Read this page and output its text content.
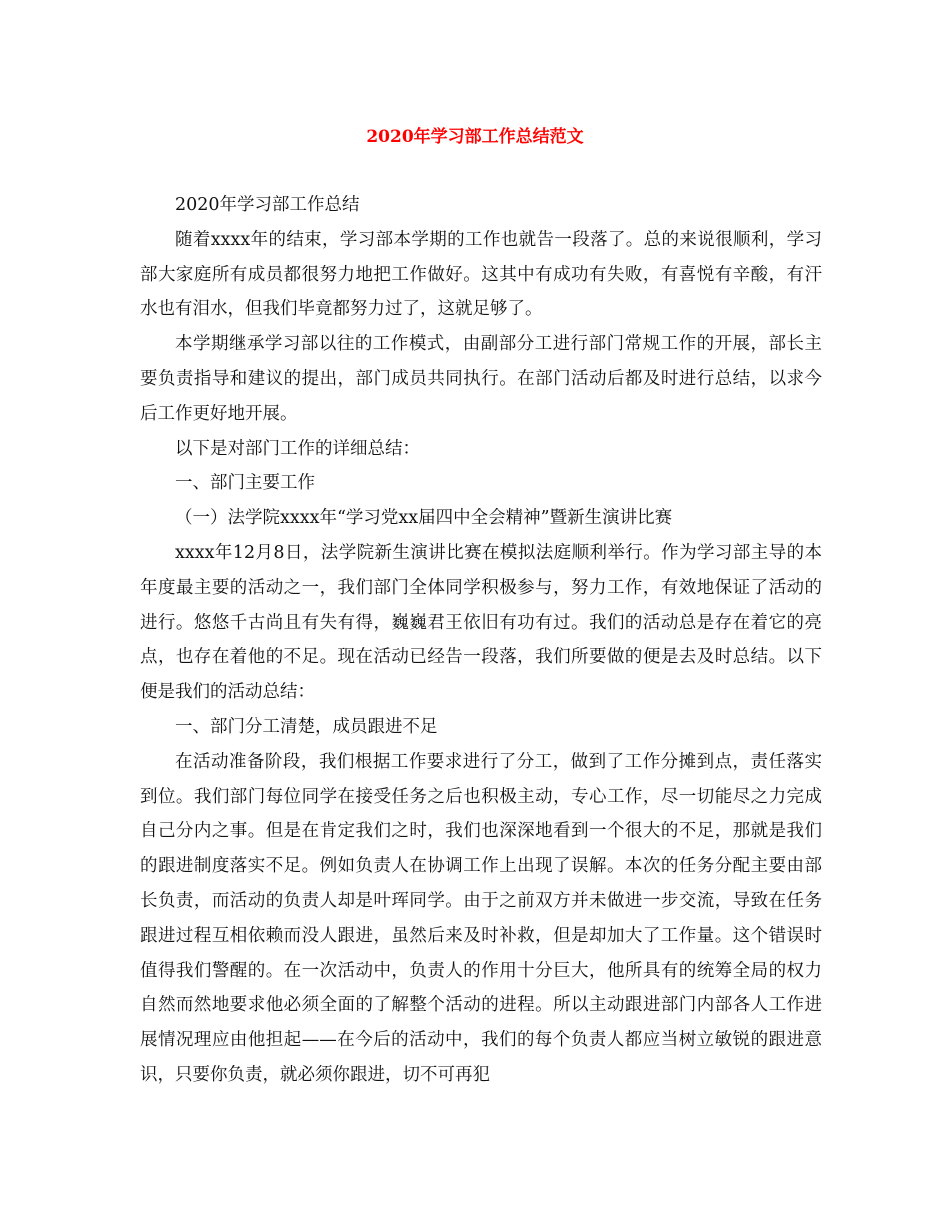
2020年学习部工作总结范文

2020年学习部工作总结

随着xxxx年的结束，学习部本学期的工作也就告一段落了。总的来说很顺利，学习部大家庭所有成员都很努力地把工作做好。这其中有成功有失败，有喜悦有辛酸，有汗水也有泪水，但我们毕竟都努力过了，这就足够了。

本学期继承学习部以往的工作模式，由副部分工进行部门常规工作的开展，部长主要负责指导和建议的提出，部门成员共同执行。在部门活动后都及时进行总结，以求今后工作更好地开展。

以下是对部门工作的详细总结：

一、部门主要工作

（一）法学院xxxx年“学习党xx届四中全会精神”暨新生演讲比赛

xxxx年12月8日，法学院新生演讲比赛在模拟法庭顺利举行。作为学习部主导的本年度最主要的活动之一，我们部门全体同学积极参与，努力工作，有效地保证了活动的进行。悠悠千古尚且有失有得，巍巍君王依旧有功有过。我们的活动总是存在着它的亮点，也存在着他的不足。现在活动已经告一段落，我们所要做的便是去及时总结。以下便是我们的活动总结：

一、部门分工清楚，成员跟进不足

在活动准备阶段，我们根据工作要求进行了分工，做到了工作分摊到点，责任落实到位。我们部门每位同学在接受任务之后也积极主动，专心工作，尽一切能尽之力完成自己分内之事。但是在肯定我们之时，我们也深深地看到一个很大的不足，那就是我们的跟进制度落实不足。例如负责人在协调工作上出现了误解。本次的任务分配主要由部长负责，而活动的负责人却是叶珲同学。由于之前双方并未做进一步交流，导致在任务跟进过程互相依赖而没人跟进，虽然后来及时补救，但是却加大了工作量。这个错误时值得我们警醒的。在一次活动中，负责人的作用十分巨大，他所具有的统筹全局的权力自然而然地要求他必须全面的了解整个活动的进程。所以主动跟进部门内部各人工作进展情况理应由他担起——在今后的活动中，我们的每个负责人都应当树立敏锐的跟进意识，只要你负责，就必须你跟进，切不可再犯
